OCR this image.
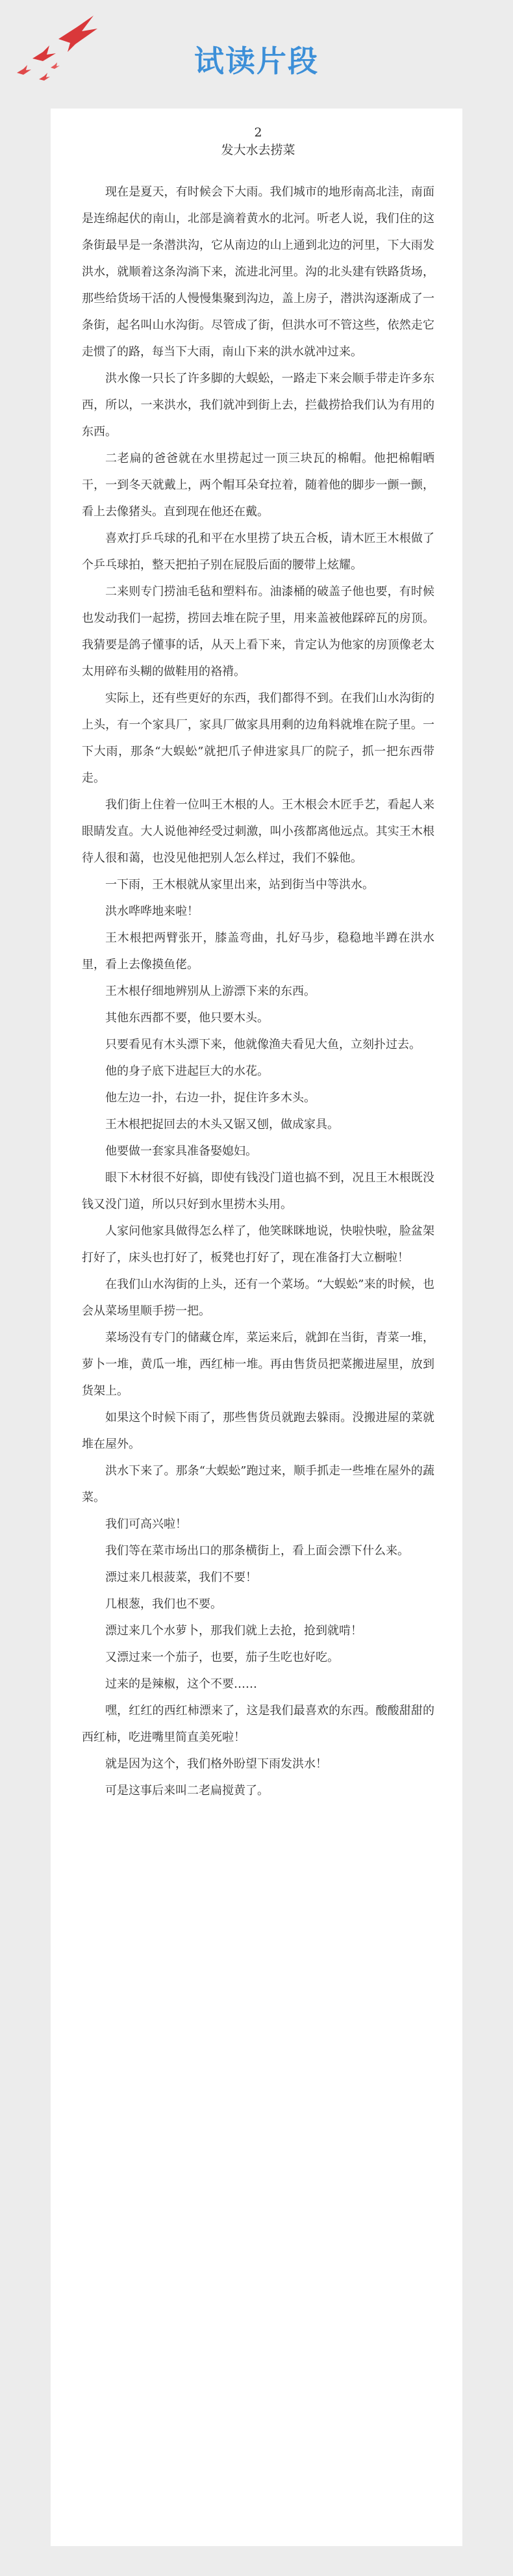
试读片段
2
发大水去捞菜

现在是夏天，有时候会下大雨。我们城市的地形南高北洼，南面是连绵起伏的南山，北部是滴着黄水的北河。听老人说，我们住的这条街最早是一条潜洪沟，它从南边的山上通到北边的河里，下大雨发洪水，就顺着这条沟淌下来，流进北河里。沟的北头建有铁路货场，那些给货场干活的人慢慢集聚到沟边，盖上房子，潜洪沟逐渐成了一条街，起名叫山水沟街。尽管成了街，但洪水可不管这些，依然走它走惯了的路，每当下大雨，南山下来的洪水就冲过来。

洪水像一只长了许多脚的大蜈蚣，一路走下来会顺手带走许多东西，所以，一来洪水，我们就冲到街上去，拦截捞拾我们认为有用的东西。

二老扁的爸爸就在水里捞起过一顶三块瓦的棉帽。他把棉帽晒干，一到冬天就戴上，两个帽耳朵耷拉着，随着他的脚步一颤一颤，看上去像猪头。直到现在他还在戴。

喜欢打乒乓球的孔和平在水里捞了块五合板，请木匠王木根做了个乒乓球拍，整天把拍子别在屁股后面的腰带上炫耀。

二来则专门捞油毛毡和塑料布。油漆桶的破盖子他也要，有时候也发动我们一起捞，捞回去堆在院子里，用来盖被他踩碎瓦的房顶。我猜要是鸽子懂事的话，从天上看下来，肯定认为他家的房顶像老太太用碎布头糊的做鞋用的袼褙。

实际上，还有些更好的东西，我们都得不到。在我们山水沟街的上头，有一个家具厂，家具厂做家具用剩的边角料就堆在院子里。一下大雨，那条“大蜈蚣”就把爪子伸进家具厂的院子，抓一把东西带走。

我们街上住着一位叫王木根的人。王木根会木匠手艺，看起人来眼睛发直。大人说他神经受过刺激，叫小孩都离他远点。其实王木根待人很和蔼，也没见他把别人怎么样过，我们不躲他。

一下雨，王木根就从家里出来，站到街当中等洪水。

洪水哗哗地来啦！

王木根把两臂张开，膝盖弯曲，扎好马步，稳稳地半蹲在洪水里，看上去像摸鱼佬。

王木根仔细地辨别从上游漂下来的东西。

其他东西都不要，他只要木头。

只要看见有木头漂下来，他就像渔夫看见大鱼，立刻扑过去。

他的身子底下进起巨大的水花。

他左边一扑，右边一扑，捉住许多木头。

王木根把捉回去的木头又锯又刨，做成家具。

他要做一套家具准备娶媳妇。

眼下木材很不好搞，即使有钱没门道也搞不到，况且王木根既没钱又没门道，所以只好到水里捞木头用。

人家问他家具做得怎么样了，他笑眯眯地说，快啦快啦，脸盆架打好了，床头也打好了，板凳也打好了，现在准备打大立橱啦！

在我们山水沟街的上头，还有一个菜场。“大蜈蚣”来的时候，也会从菜场里顺手捞一把。

菜场没有专门的储藏仓库，菜运来后，就卸在当街，青菜一堆，萝卜一堆，黄瓜一堆，西红柿一堆。再由售货员把菜搬进屋里，放到货架上。

如果这个时候下雨了，那些售货员就跑去躲雨。没搬进屋的菜就堆在屋外。

洪水下来了。那条“大蜈蚣”跑过来，顺手抓走一些堆在屋外的蔬菜。

我们可高兴啦！

我们等在菜市场出口的那条横街上，看上面会漂下什么来。

漂过来几根菠菜，我们不要！

几根葱，我们也不要。

漂过来几个水萝卜，那我们就上去抢，抢到就啃！

又漂过来一个茄子，也要，茄子生吃也好吃。

过来的是辣椒，这个不要……

嘿，红红的西红柿漂来了，这是我们最喜欢的东西。酸酸甜甜的西红柿，吃进嘴里简直美死啦！

就是因为这个，我们格外盼望下雨发洪水！

可是这事后来叫二老扁搅黄了。
